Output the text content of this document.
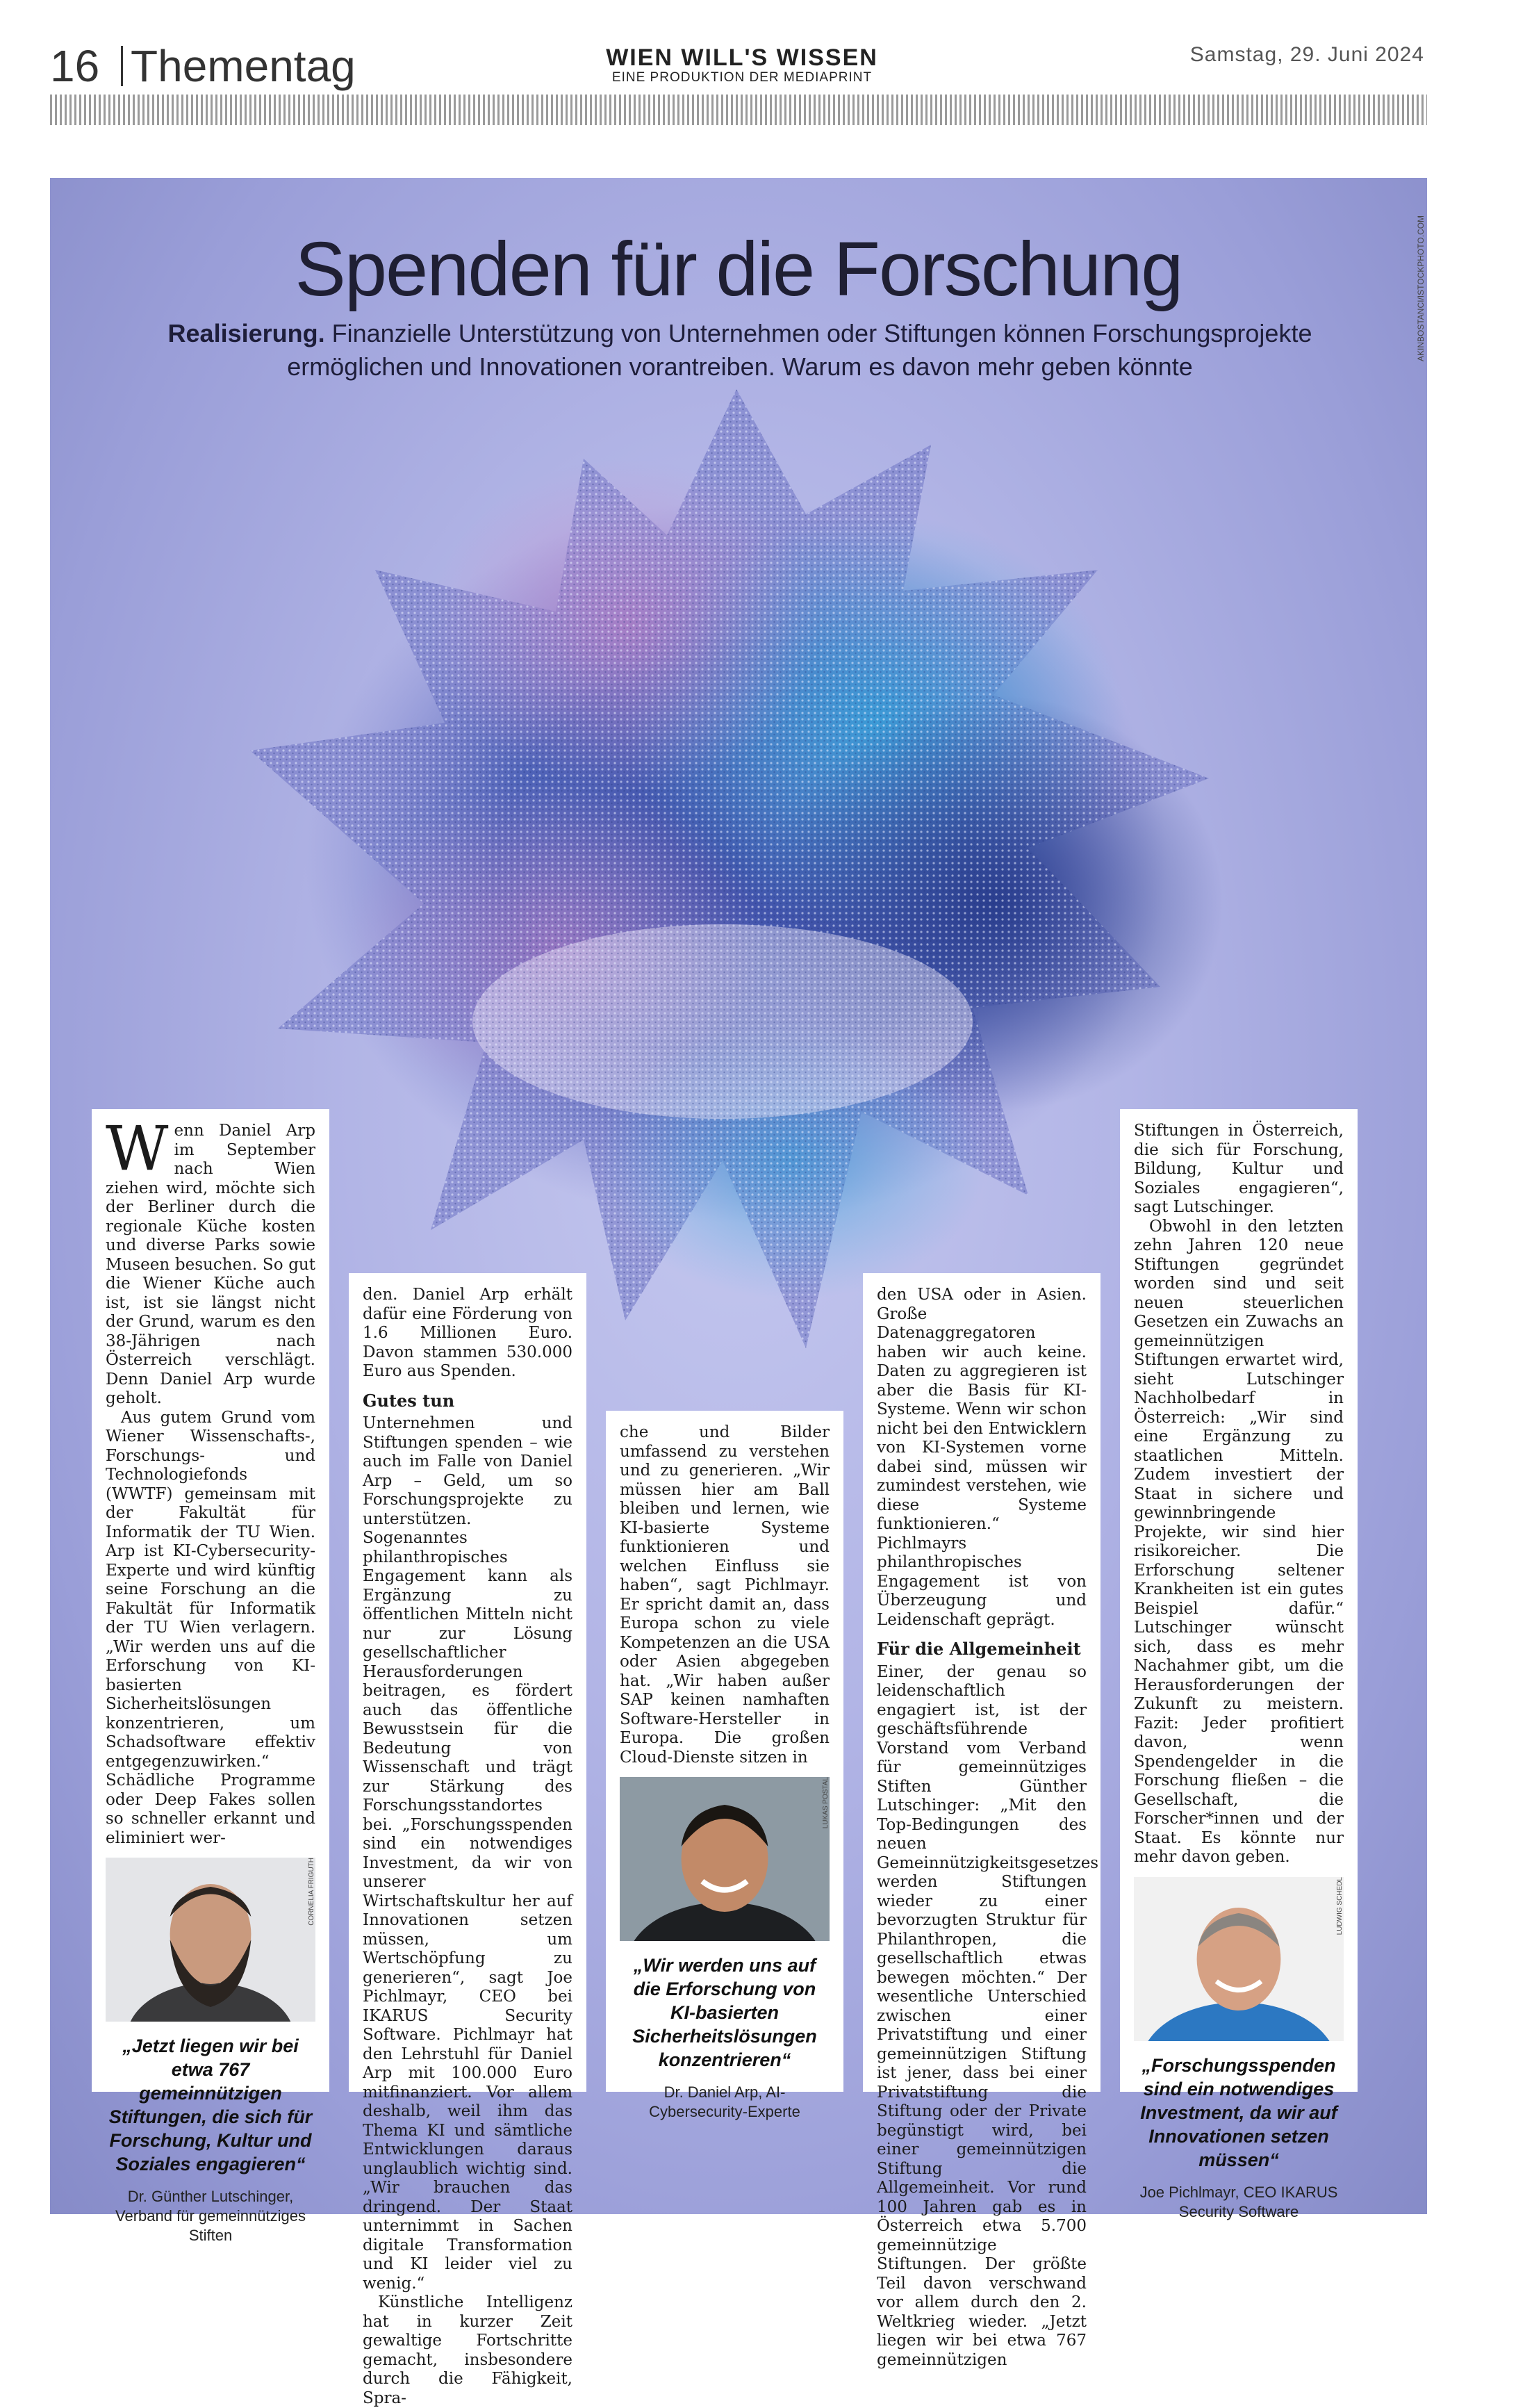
16 Thementag	WIEN WILL'S WISSEN
EINE PRODUKTION DER MEDIAPRINT
Samstag, 29. Juni 2024
AKINBOSTANCI/ISTOCKPHOTO.COM
Spenden für die Forschung
Realisierung. Finanzielle Unterstützung von Unternehmen oder Stiftungen können Forschungsprojekte ermöglichen und Innovationen vorantreiben. Warum es davon mehr geben könnte

Wenn Daniel Arp im September nach Wien ziehen wird, möchte sich der Berliner durch die regionale Küche kosten und diverse Parks sowie Museen besuchen. So gut die Wiener Küche auch ist, ist sie längst nicht der Grund, warum es den 38-Jährigen nach Österreich verschlägt. Denn Daniel Arp wurde geholt.

Aus gutem Grund vom Wiener Wissenschafts-, Forschungs- und Technologiefonds (WWTF) gemeinsam mit der Fakultät für Informatik der TU Wien. Arp ist KI-Cybersecurity-Experte und wird künftig seine Forschung an die Fakultät für Informatik der TU Wien verlagern. „Wir werden uns auf die Erforschung von KI-basierten Sicherheitslösungen konzentrieren, um Schadsoftware effektiv entgegenzuwirken.“ Schädliche Programme oder Deep Fakes sollen so schneller erkannt und eliminiert wer-

CORNELIA FRIGUTH
„Jetzt liegen wir bei etwa 767 gemeinnützigen Stiftungen, die sich für Forschung, Kultur und Soziales engagieren“
Dr. Günther Lutschinger, Verband für gemeinnütziges Stiften

den. Daniel Arp erhält dafür eine Förderung von 1.6 Millionen Euro. Davon stammen 530.000 Euro aus Spenden.

Gutes tun

Unternehmen und Stiftungen spenden – wie auch im Falle von Daniel Arp – Geld, um so Forschungsprojekte zu unterstützen. Sogenanntes philanthropisches Engagement kann als Ergänzung zu öffentlichen Mitteln nicht nur zur Lösung gesellschaftlicher Herausforderungen beitragen, es fördert auch das öffentliche Bewusstsein für die Bedeutung von Wissenschaft und trägt zur Stärkung des Forschungsstandortes bei. „Forschungsspenden sind ein notwendiges Investment, da wir von unserer Wirtschaftskultur her auf Innovationen setzen müssen, um Wertschöpfung zu generieren“, sagt Joe Pichlmayr, CEO bei IKARUS Security Software. Pichlmayr hat den Lehrstuhl für Daniel Arp mit 100.000 Euro mitfinanziert. Vor allem deshalb, weil ihm das Thema KI und sämtliche Entwicklungen daraus unglaublich wichtig sind. „Wir brauchen das dringend. Der Staat unternimmt in Sachen digitale Transformation und KI leider viel zu wenig.“

Künstliche Intelligenz hat in kurzer Zeit gewaltige Fortschritte gemacht, insbesondere durch die Fähigkeit, Spra-

che und Bilder umfassend zu verstehen und zu generieren. „Wir müssen hier am Ball bleiben und lernen, wie KI-basierte Systeme funktionieren und welchen Einfluss sie haben“, sagt Pichlmayr. Er spricht damit an, dass Europa schon zu viele Kompetenzen an die USA oder Asien abgegeben hat. „Wir haben außer SAP keinen namhaften Software-Hersteller in Europa. Die großen Cloud-Dienste sitzen in

LUKAS POSTAL
„Wir werden uns auf die Erforschung von KI-basierten Sicherheitslösungen konzentrieren“
Dr. Daniel Arp, AI-Cybersecurity-Experte

den USA oder in Asien. Große Datenaggregatoren haben wir auch keine. Daten zu aggregieren ist aber die Basis für KI-Systeme. Wenn wir schon nicht bei den Entwicklern von KI-Systemen vorne dabei sind, müssen wir zumindest verstehen, wie diese Systeme funktionieren.“ Pichlmayrs philanthropisches Engagement ist von Überzeugung und Leidenschaft geprägt.

Für die Allgemeinheit

Einer, der genau so leidenschaftlich engagiert ist, ist der geschäftsführende Vorstand vom Verband für gemeinnütziges Stiften Günther Lutschinger: „Mit den Top-Bedingungen des neuen Gemeinnützigkeitsgesetzes werden Stiftungen wieder zu einer bevorzugten Struktur für Philanthropen, die gesellschaftlich etwas bewegen möchten.“ Der wesentliche Unterschied zwischen einer Privatstiftung und einer gemeinnützigen Stiftung ist jener, dass bei einer Privatstiftung die Stiftung oder der Private begünstigt wird, bei einer gemeinnützigen Stiftung die Allgemeinheit. Vor rund 100 Jahren gab es in Österreich etwa 5.700 gemeinnützige Stiftungen. Der größte Teil davon verschwand vor allem durch den 2. Weltkrieg wieder. „Jetzt liegen wir bei etwa 767 gemeinnützigen

Stiftungen in Österreich, die sich für Forschung, Bildung, Kultur und Soziales engagieren“, sagt Lutschinger.

Obwohl in den letzten zehn Jahren 120 neue Stiftungen gegründet worden sind und seit neuen steuerlichen Gesetzen ein Zuwachs an gemeinnützigen Stiftungen erwartet wird, sieht Lutschinger Nachholbedarf in Österreich: „Wir sind eine Ergänzung zu staatlichen Mitteln. Zudem investiert der Staat in sichere und gewinnbringende Projekte, wir sind hier risikoreicher. Die Erforschung seltener Krankheiten ist ein gutes Beispiel dafür.“ Lutschinger wünscht sich, dass es mehr Nachahmer gibt, um die Herausforderungen der Zukunft zu meistern. Fazit: Jeder profitiert davon, wenn Spendengelder in die Forschung fließen – die Gesellschaft, die Forscher*innen und der Staat. Es könnte nur mehr davon geben.

LUDWIG SCHEDL
„Forschungsspenden sind ein notwendiges Investment, da wir auf Innovationen setzen müssen“
Joe Pichlmayr, CEO IKARUS Security Software
